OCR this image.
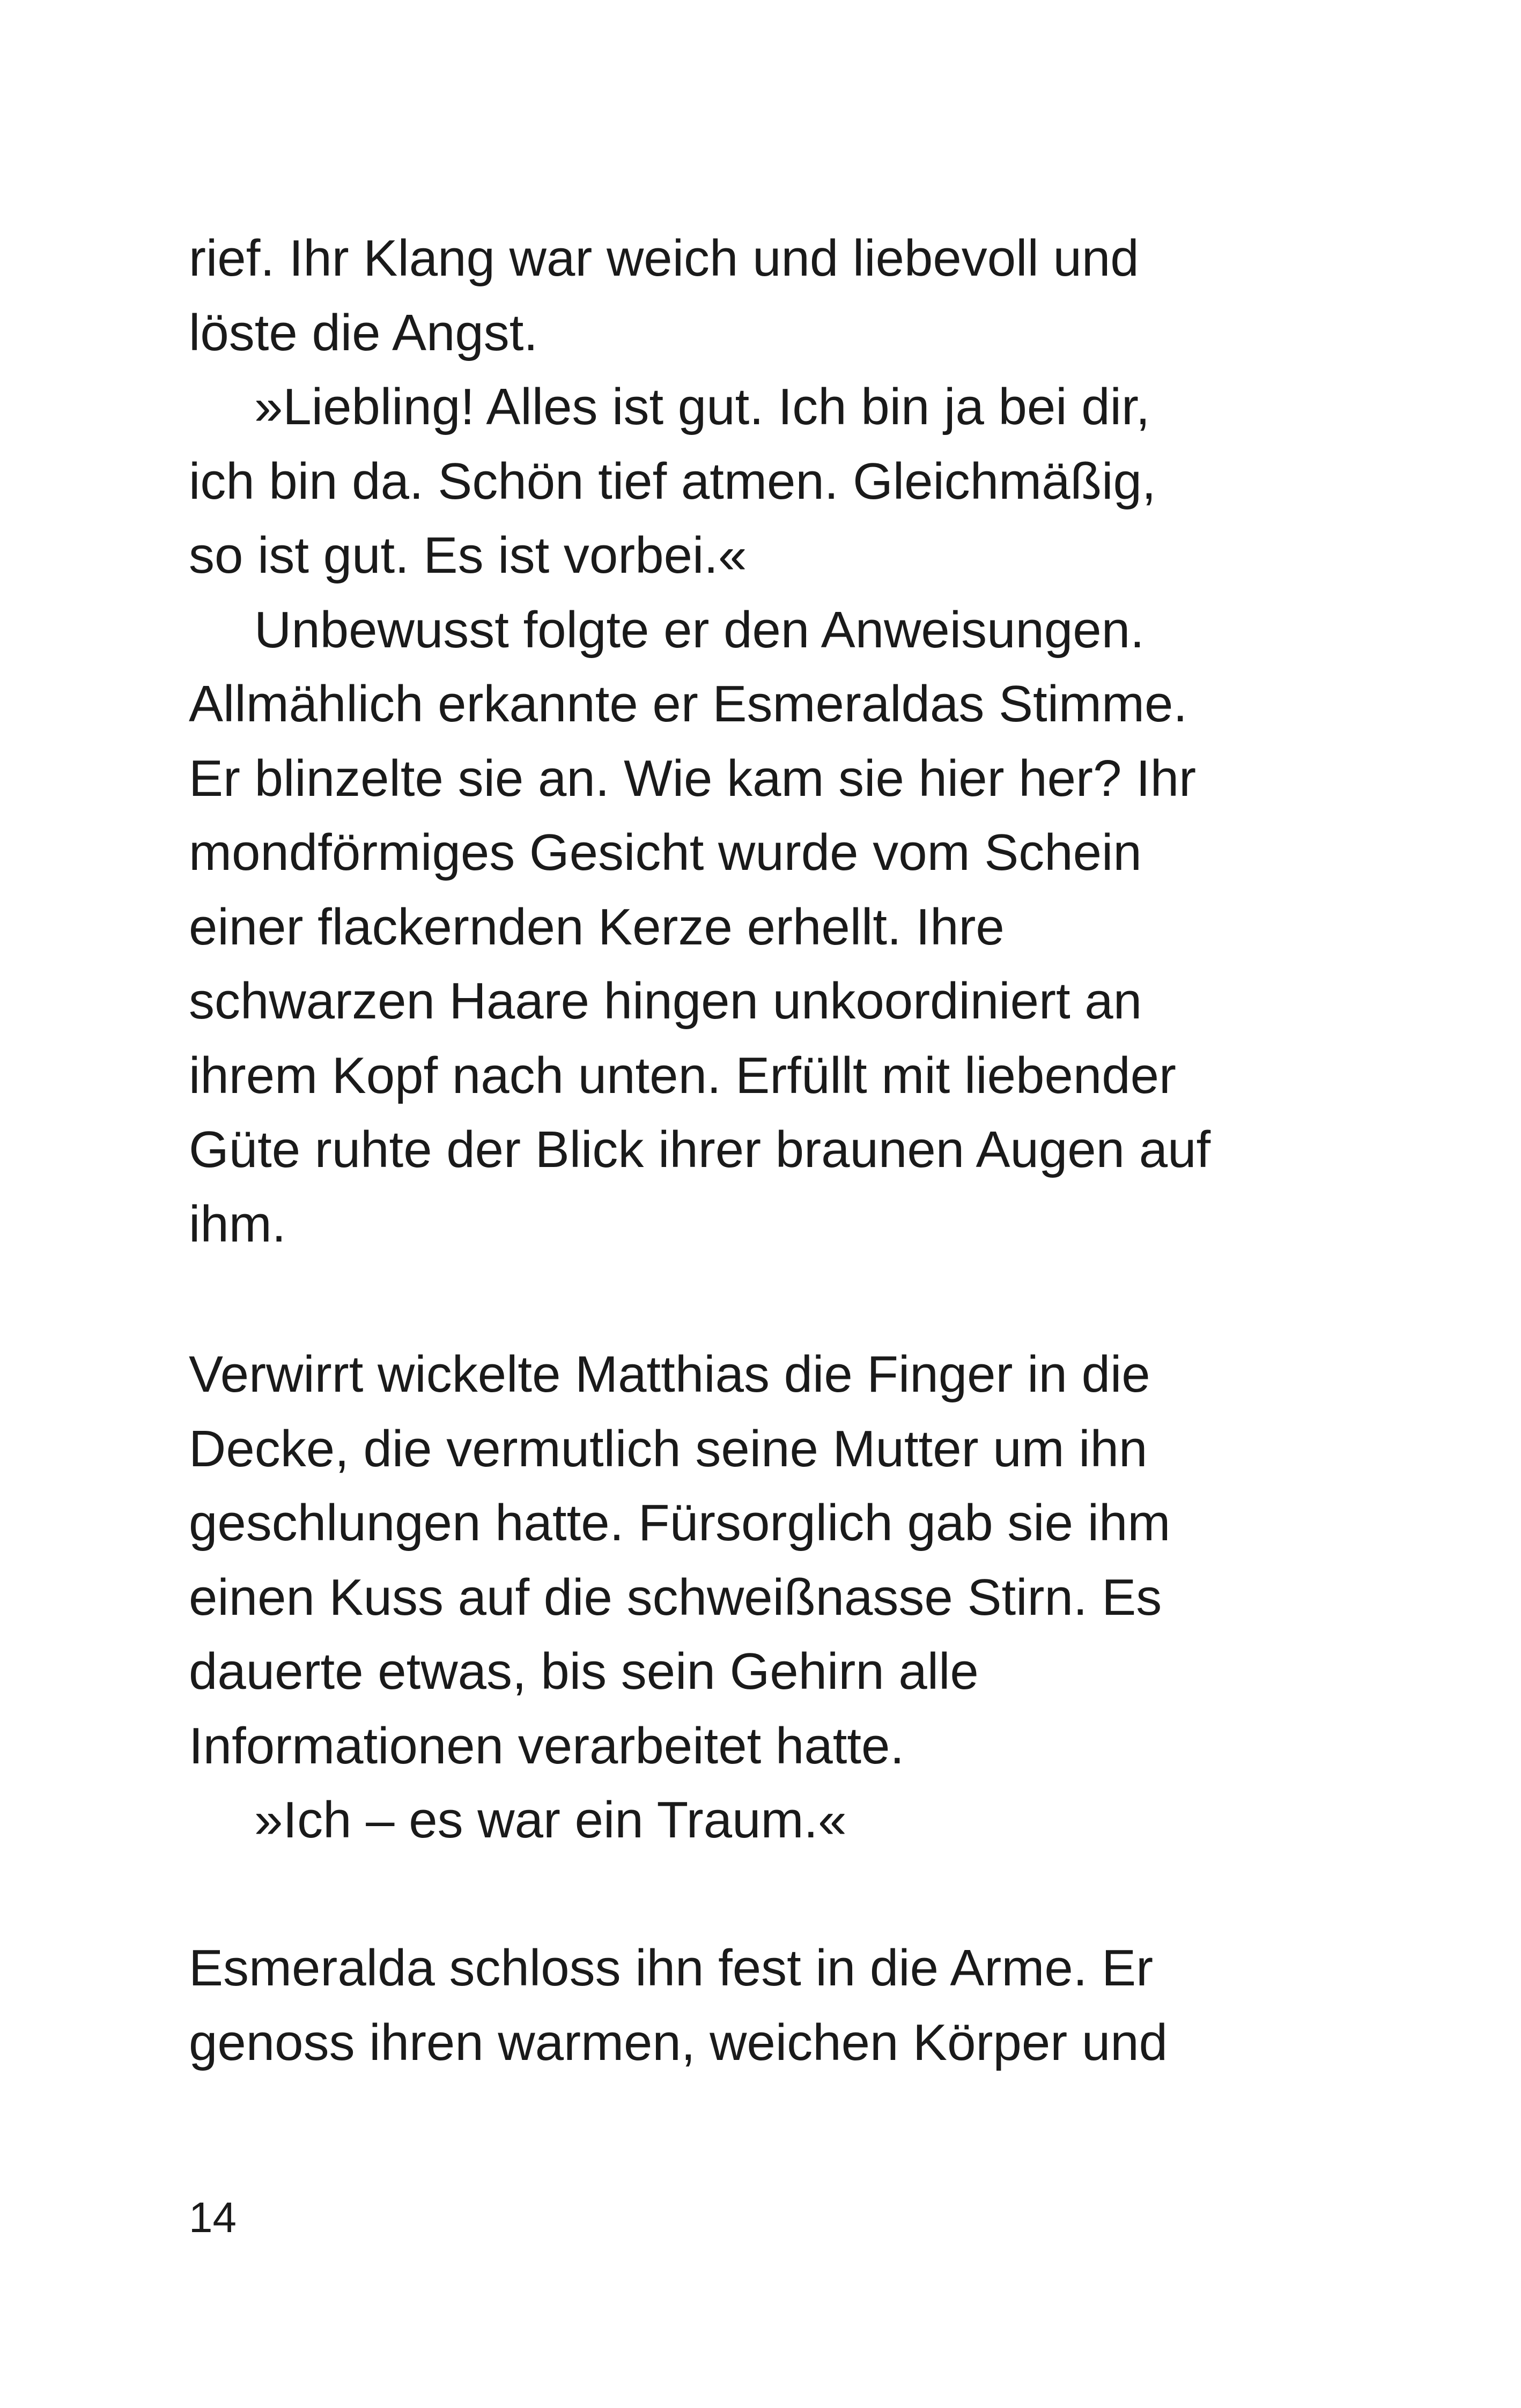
rief. Ihr Klang war weich und liebevoll und
löste die Angst.
»Liebling! Alles ist gut. Ich bin ja bei dir,
ich bin da. Schön tief atmen. Gleichmäßig,
so ist gut. Es ist vorbei.«
Unbewusst folgte er den Anweisungen.
Allmählich erkannte er Esmeraldas Stimme.
Er blinzelte sie an. Wie kam sie hier her? Ihr
mondförmiges Gesicht wurde vom Schein
einer flackernden Kerze erhellt. Ihre
schwarzen Haare hingen unkoordiniert an
ihrem Kopf nach unten. Erfüllt mit liebender
Güte ruhte der Blick ihrer braunen Augen auf
ihm.
Verwirrt wickelte Matthias die Finger in die
Decke, die vermutlich seine Mutter um ihn
geschlungen hatte. Fürsorglich gab sie ihm
einen Kuss auf die schweißnasse Stirn. Es
dauerte etwas, bis sein Gehirn alle
Informationen verarbeitet hatte.
»Ich – es war ein Traum.«
Esmeralda schloss ihn fest in die Arme. Er
genoss ihren warmen, weichen Körper und
14
